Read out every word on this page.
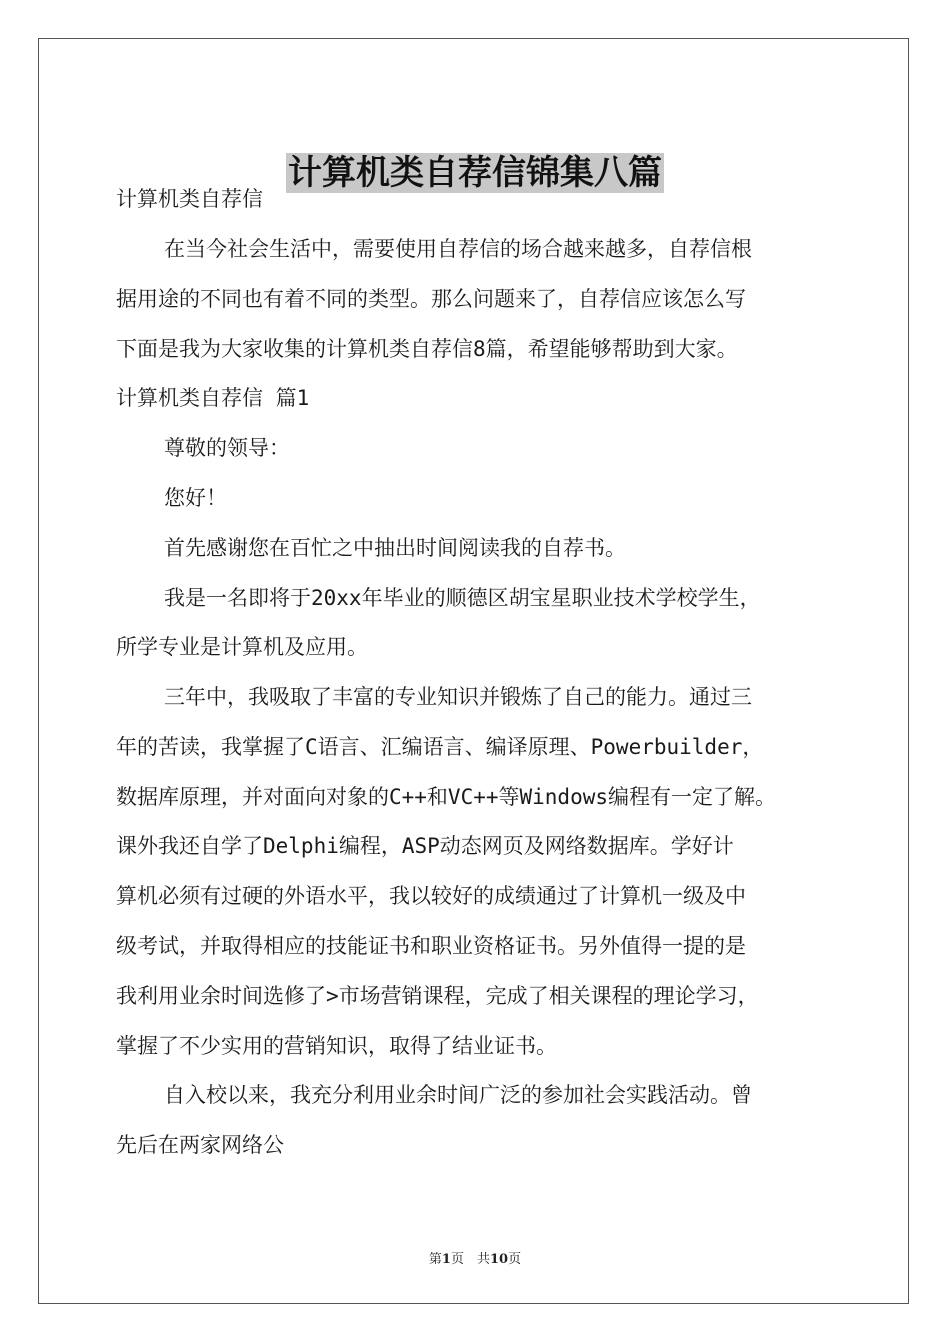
计算机类自荐信锦集八篇

计算机类自荐信

在当今社会生活中，需要使用自荐信的场合越来越多，自荐信根

据用途的不同也有着不同的类型。那么问题来了，自荐信应该怎么写

下面是我为大家收集的计算机类自荐信8篇，希望能够帮助到大家。

计算机类自荐信 篇1

尊敬的领导：

您好！

首先感谢您在百忙之中抽出时间阅读我的自荐书。

我是一名即将于20xx年毕业的顺德区胡宝星职业技术学校学生，

所学专业是计算机及应用。

三年中，我吸取了丰富的专业知识并锻炼了自己的能力。通过三

年的苦读，我掌握了C语言、汇编语言、编译原理、Powerbuilder，

数据库原理，并对面向对象的C++和VC++等Windows编程有一定了解。

课外我还自学了Delphi编程，ASP动态网页及网络数据库。学好计

算机必须有过硬的外语水平，我以较好的成绩通过了计算机一级及中

级考试，并取得相应的技能证书和职业资格证书。另外值得一提的是

我利用业余时间选修了>市场营销课程，完成了相关课程的理论学习，

掌握了不少实用的营销知识，取得了结业证书。

自入校以来，我充分利用业余时间广泛的参加社会实践活动。曾

先后在两家网络公

第1页　共10页
